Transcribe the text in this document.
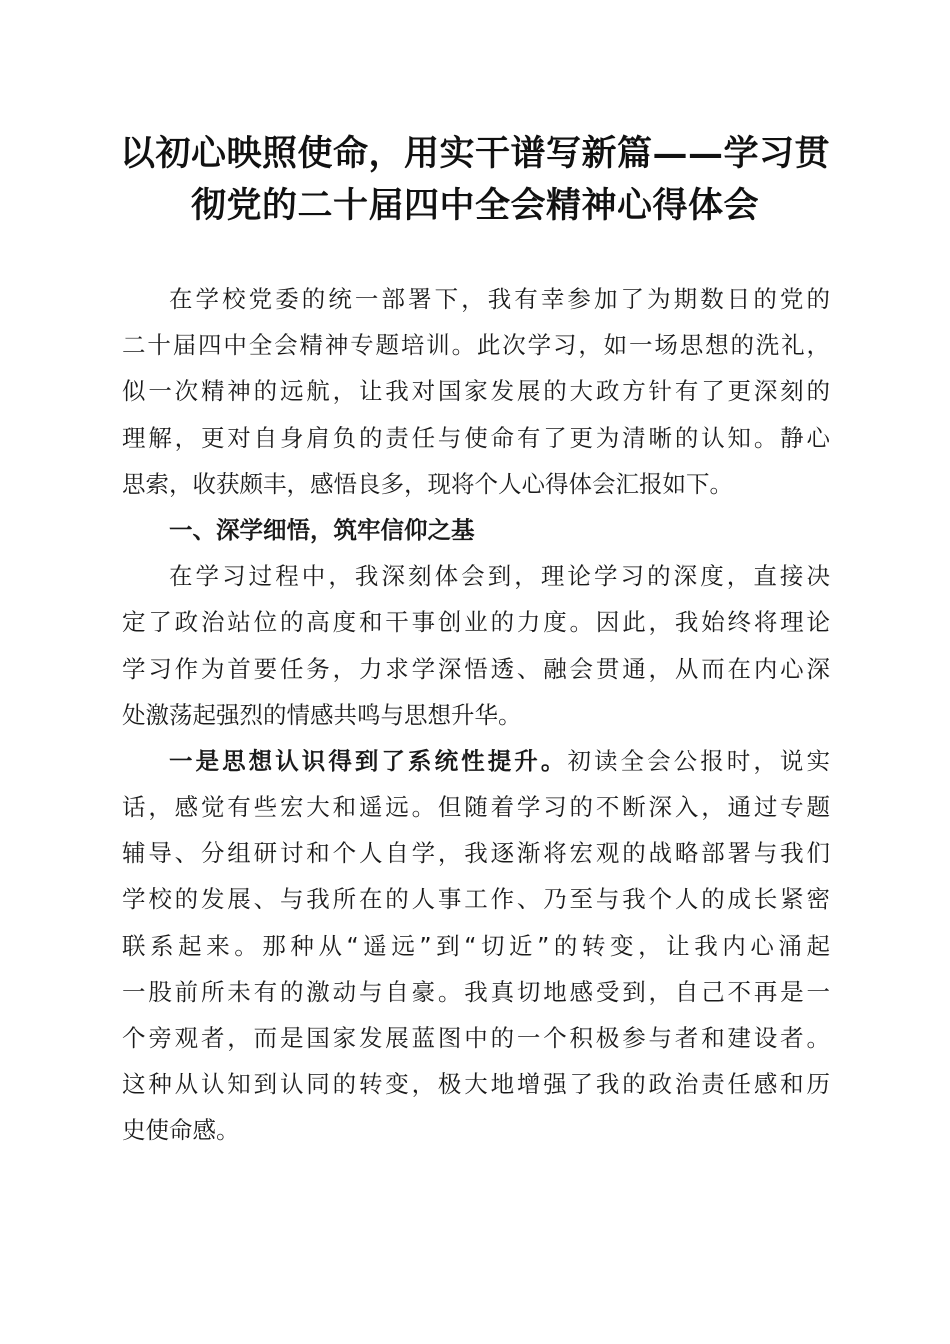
以初心映照使命，用实干谱写新篇——学习贯
彻党的二十届四中全会精神心得体会
在学校党委的统一部署下，我有幸参加了为期数日的党的
二十届四中全会精神专题培训。此次学习，如一场思想的洗礼，
似一次精神的远航，让我对国家发展的大政方针有了更深刻的
理解，更对自身肩负的责任与使命有了更为清晰的认知。静心
思索，收获颇丰，感悟良多，现将个人心得体会汇报如下。
一、深学细悟，筑牢信仰之基
在学习过程中，我深刻体会到，理论学习的深度，直接决
定了政治站位的高度和干事创业的力度。因此，我始终将理论
学习作为首要任务，力求学深悟透、融会贯通，从而在内心深
处激荡起强烈的情感共鸣与思想升华。
一是思想认识得到了系统性提升。初读全会公报时，说实
话，感觉有些宏大和遥远。但随着学习的不断深入，通过专题
辅导、分组研讨和个人自学，我逐渐将宏观的战略部署与我们
学校的发展、与我所在的人事工作、乃至与我个人的成长紧密
联系起来。那种从“遥远”到“切近”的转变，让我内心涌起
一股前所未有的激动与自豪。我真切地感受到，自己不再是一
个旁观者，而是国家发展蓝图中的一个积极参与者和建设者。
这种从认知到认同的转变，极大地增强了我的政治责任感和历
史使命感。
